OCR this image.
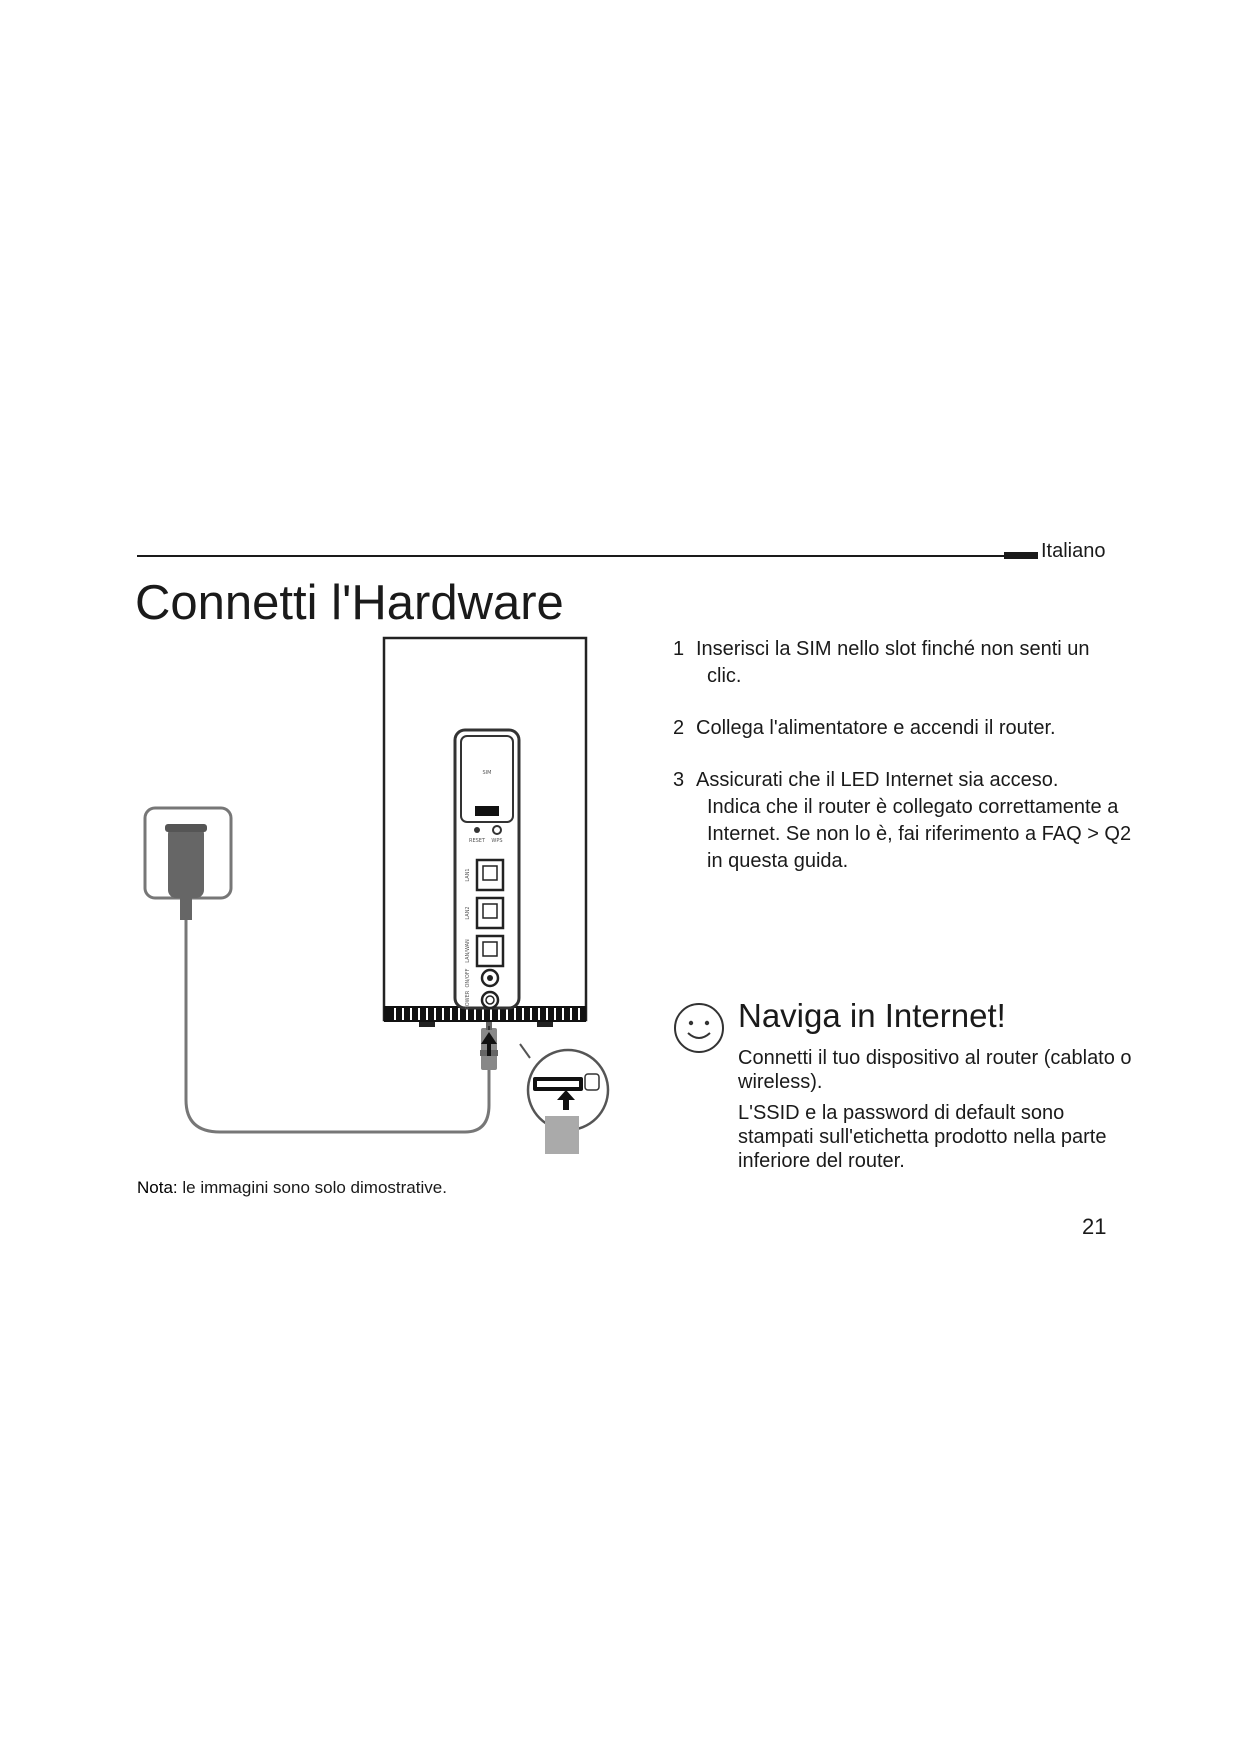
Italiano
Connetti l'Hardware
SIM
RESET WPS
LAN1
LAN2
LAN/WAN
ON/OFF
POWER
1 Inserisci la SIM nello slot finché non senti un
clic.
2 Collega l'alimentatore e accendi il router.
3 Assicurati che il LED Internet sia acceso.
Indica che il router è collegato correttamente a Internet. Se non lo è, fai riferimento a FAQ > Q2 in questa guida.
Naviga in Internet!

Connetti il tuo dispositivo al router (cablato o wireless).

L'SSID e la password di default sono stampati sull'etichetta prodotto nella parte inferiore del router.

Nota: le immagini sono solo dimostrative.
21
